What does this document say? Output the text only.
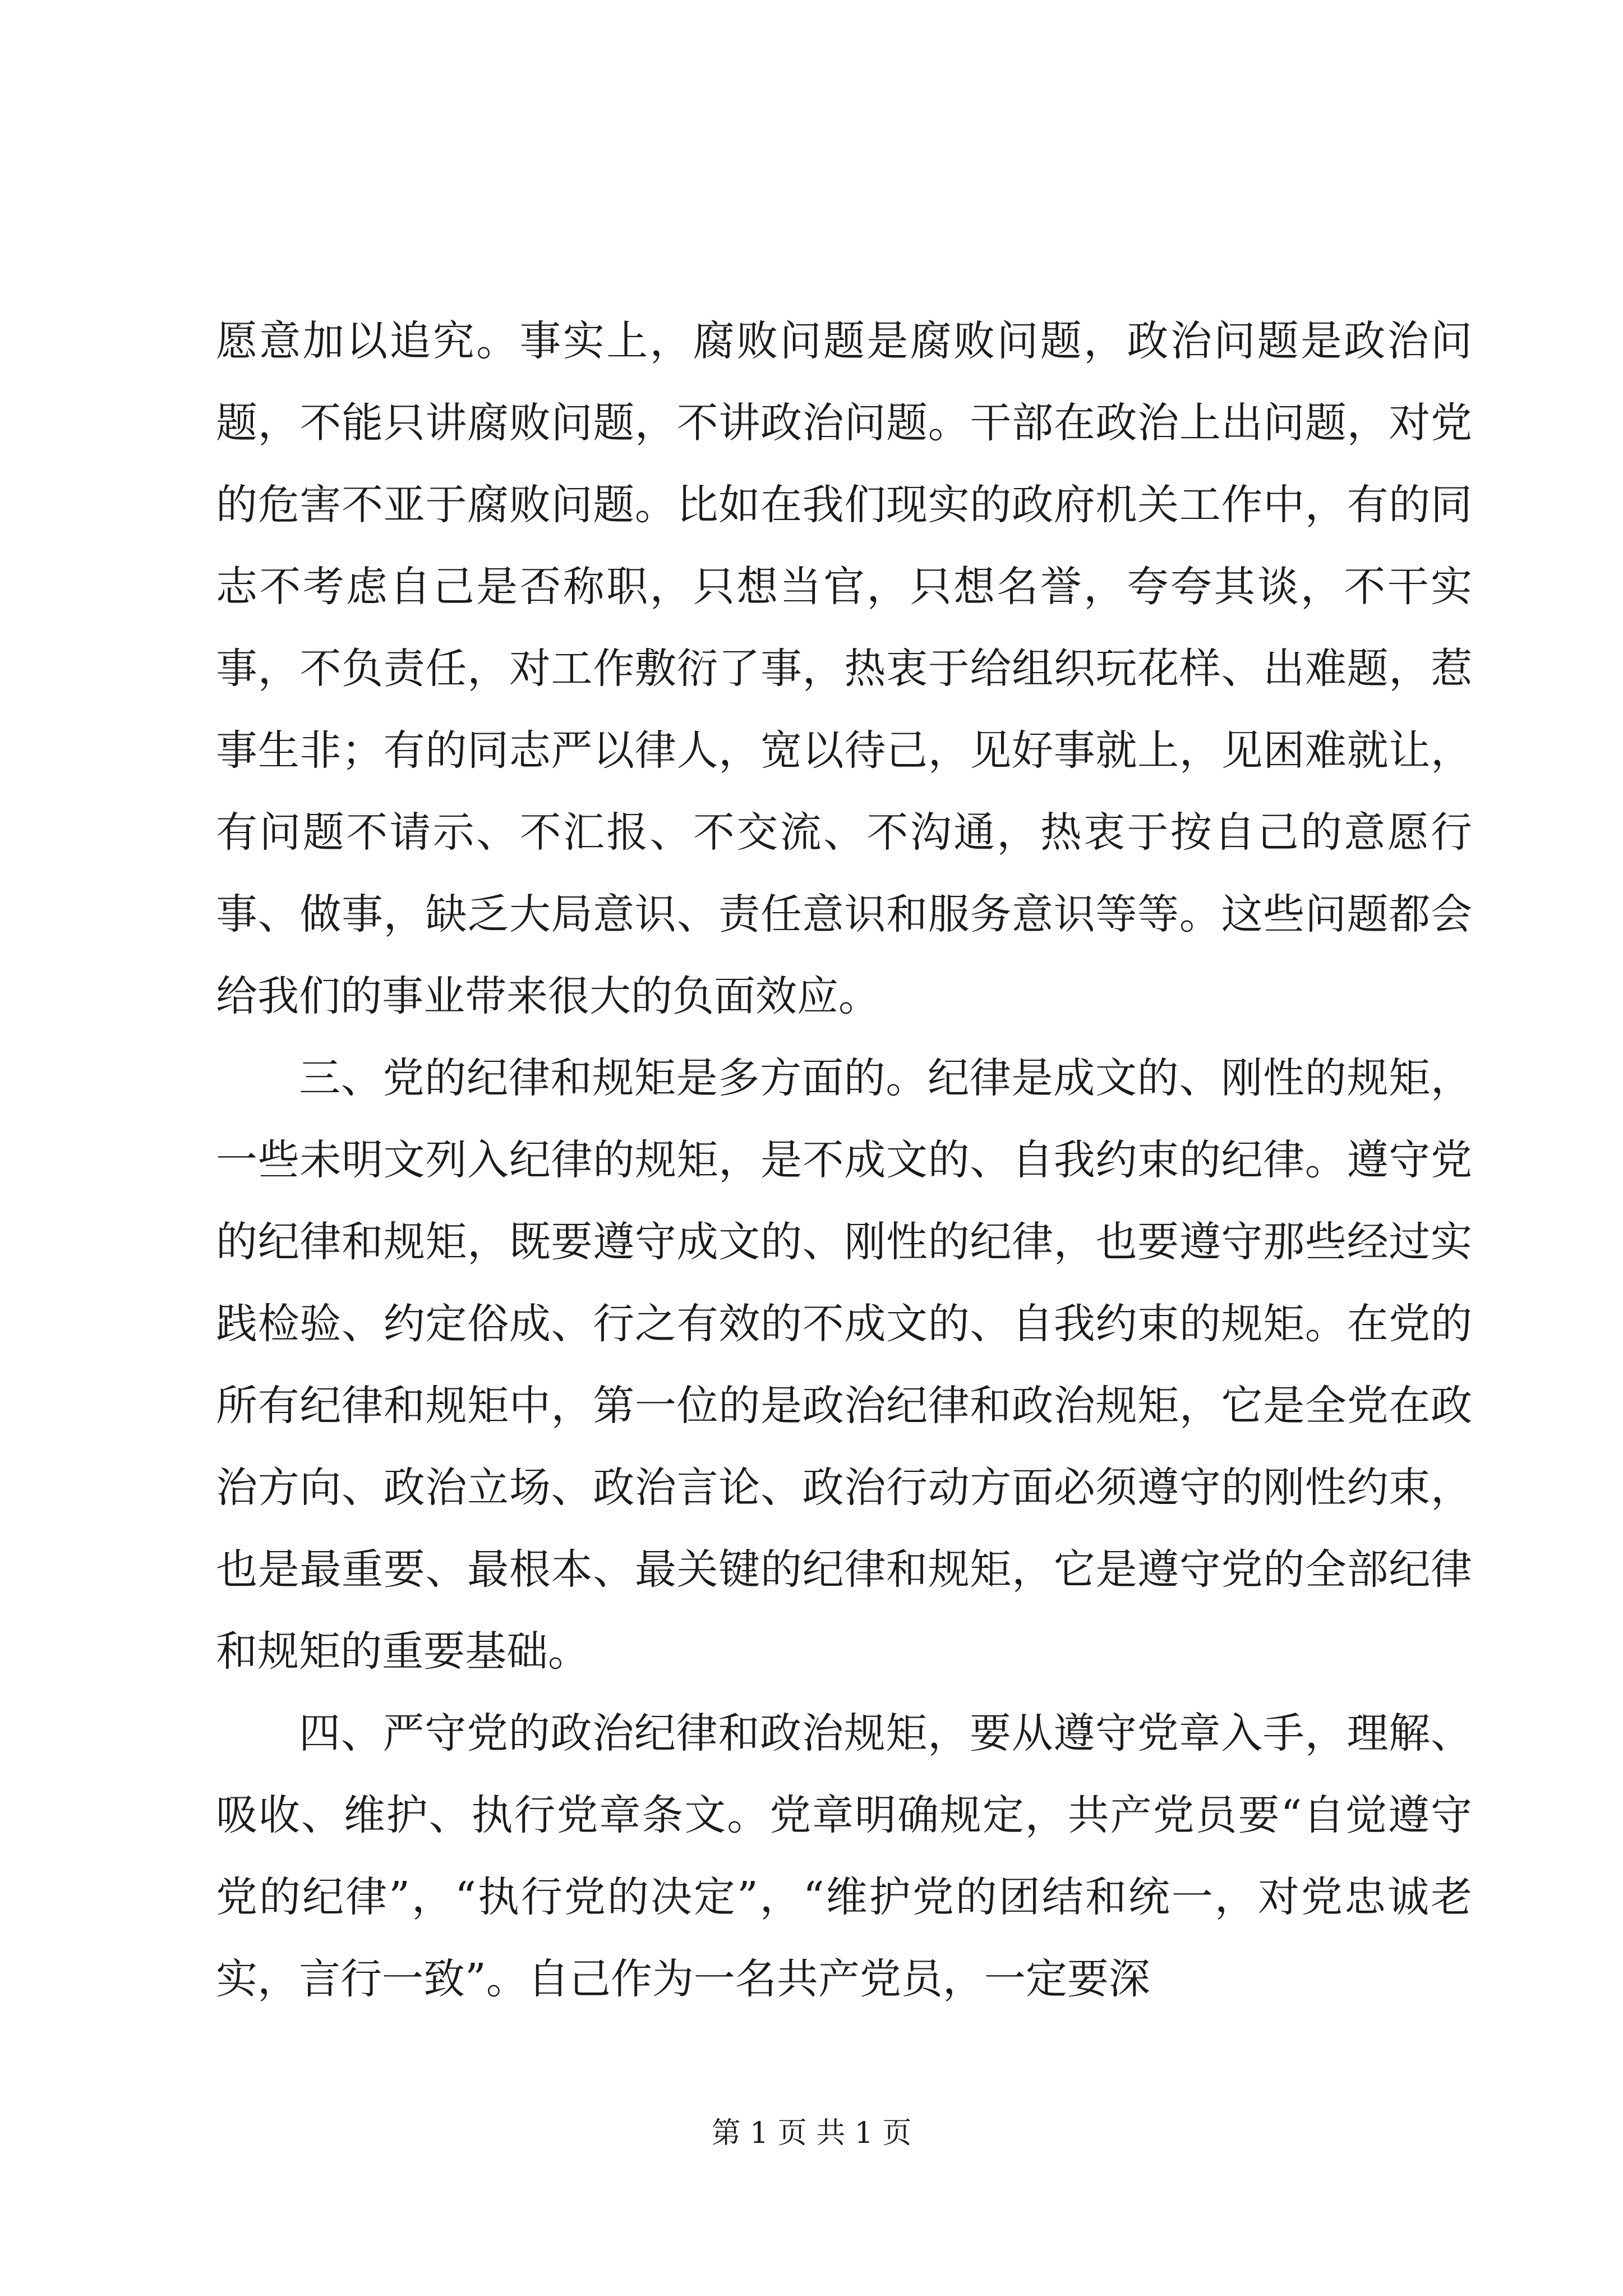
愿意加以追究。事实上，腐败问题是腐败问题，政治问题是政治问题，不能只讲腐败问题，不讲政治问题。干部在政治上出问题，对党的危害不亚于腐败问题。比如在我们现实的政府机关工作中，有的同志不考虑自己是否称职，只想当官，只想名誉，夸夸其谈，不干实事，不负责任，对工作敷衍了事，热衷于给组织玩花样、出难题，惹事生非；有的同志严以律人，宽以待己，见好事就上，见困难就让，有问题不请示、不汇报、不交流、不沟通，热衷于按自己的意愿行事、做事，缺乏大局意识、责任意识和服务意识等等。这些问题都会给我们的事业带来很大的负面效应。

三、党的纪律和规矩是多方面的。纪律是成文的、刚性的规矩，一些未明文列入纪律的规矩，是不成文的、自我约束的纪律。遵守党的纪律和规矩，既要遵守成文的、刚性的纪律，也要遵守那些经过实践检验、约定俗成、行之有效的不成文的、自我约束的规矩。在党的所有纪律和规矩中，第一位的是政治纪律和政治规矩，它是全党在政治方向、政治立场、政治言论、政治行动方面必须遵守的刚性约束，也是最重要、最根本、最关键的纪律和规矩，它是遵守党的全部纪律和规矩的重要基础。

四、严守党的政治纪律和政治规矩，要从遵守党章入手，理解、吸收、维护、执行党章条文。党章明确规定，共产党员要“自觉遵守党的纪律”，“执行党的决定”，“维护党的团结和统一，对党忠诚老实，言行一致”。自己作为一名共产党员，一定要深

第 1 页 共 1 页
